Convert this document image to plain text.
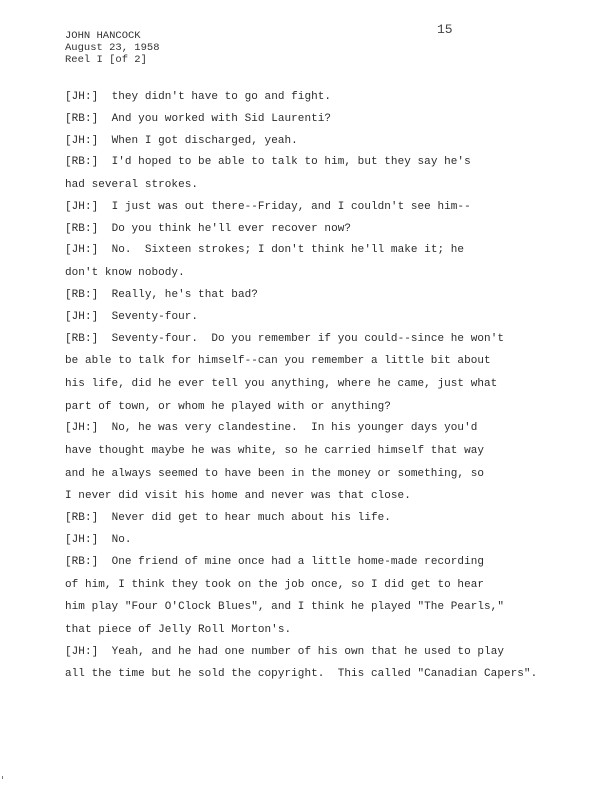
JOHN HANCOCK
August 23, 1958
Reel I [of 2]
15
[JH:] they didn't have to go and fight.
[RB:] And you worked with Sid Laurenti?
[JH:] When I got discharged, yeah.
[RB:] I'd hoped to be able to talk to him, but they say he's
had several strokes.
[JH:] I just was out there--Friday, and I couldn't see him--
[RB:] Do you think he'll ever recover now?
[JH:] No.  Sixteen strokes; I don't think he'll make it; he
don't know nobody.
[RB:] Really, he's that bad?
[JH:] Seventy-four.
[RB:] Seventy-four.  Do you remember if you could--since he won't
be able to talk for himself--can you remember a little bit about
his life, did he ever tell you anything, where he came, just what
part of town, or whom he played with or anything?
[JH:] No, he was very clandestine.  In his younger days you'd
have thought maybe he was white, so he carried himself that way
and he always seemed to have been in the money or something, so
I never did visit his home and never was that close.
[RB:] Never did get to hear much about his life.
[JH:] No.
[RB:] One friend of mine once had a little home-made recording
of him, I think they took on the job once, so I did get to hear
him play "Four O'Clock Blues", and I think he played "The Pearls,"
that piece of Jelly Roll Morton's.
[JH:] Yeah, and he had one number of his own that he used to play
all the time but he sold the copyright.  This called "Canadian Capers".
